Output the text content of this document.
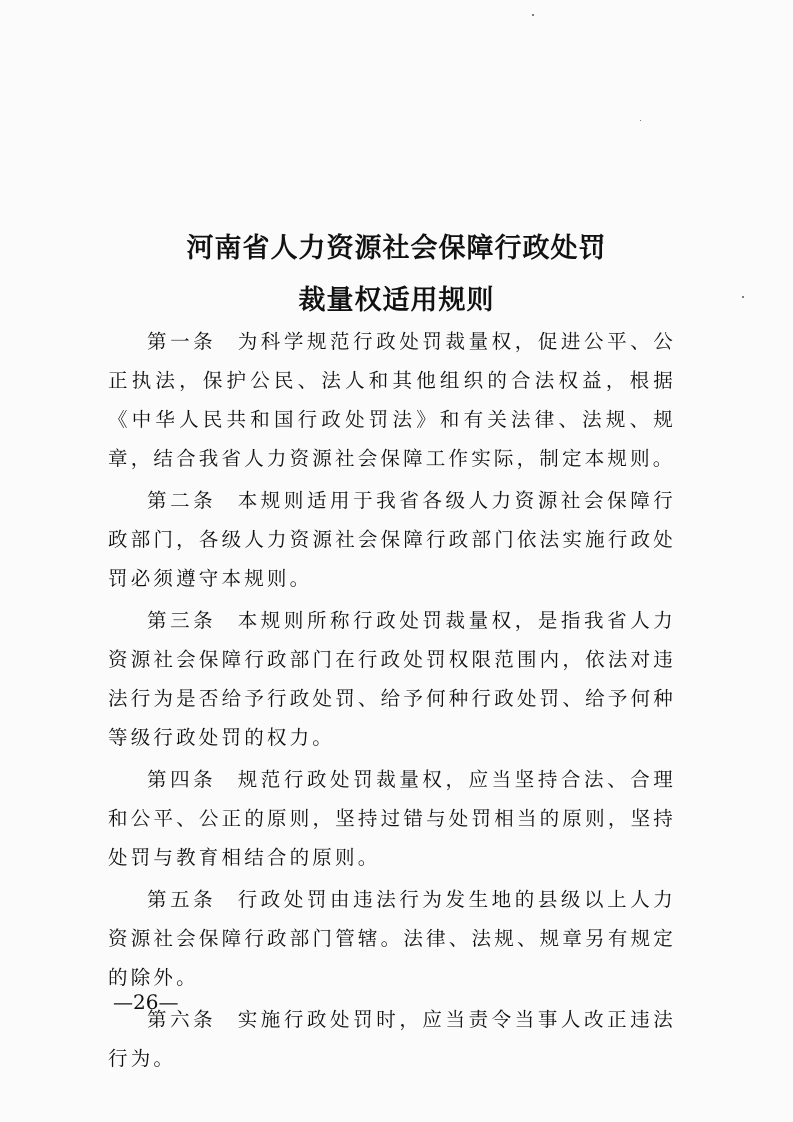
河南省人力资源社会保障行政处罚
裁量权适用规则

第一条 为科学规范行政处罚裁量权，促进公平、公正执法，保护公民、法人和其他组织的合法权益，根据《中华人民共和国行政处罚法》和有关法律、法规、规章，结合我省人力资源社会保障工作实际，制定本规则。

第二条 本规则适用于我省各级人力资源社会保障行政部门，各级人力资源社会保障行政部门依法实施行政处罚必须遵守本规则。

第三条 本规则所称行政处罚裁量权，是指我省人力资源社会保障行政部门在行政处罚权限范围内，依法对违法行为是否给予行政处罚、给予何种行政处罚、给予何种等级行政处罚的权力。

第四条 规范行政处罚裁量权，应当坚持合法、合理和公平、公正的原则，坚持过错与处罚相当的原则，坚持处罚与教育相结合的原则。

第五条 行政处罚由违法行为发生地的县级以上人力资源社会保障行政部门管辖。法律、法规、规章另有规定的除外。

第六条 实施行政处罚时，应当责令当事人改正违法行为。

—26—
